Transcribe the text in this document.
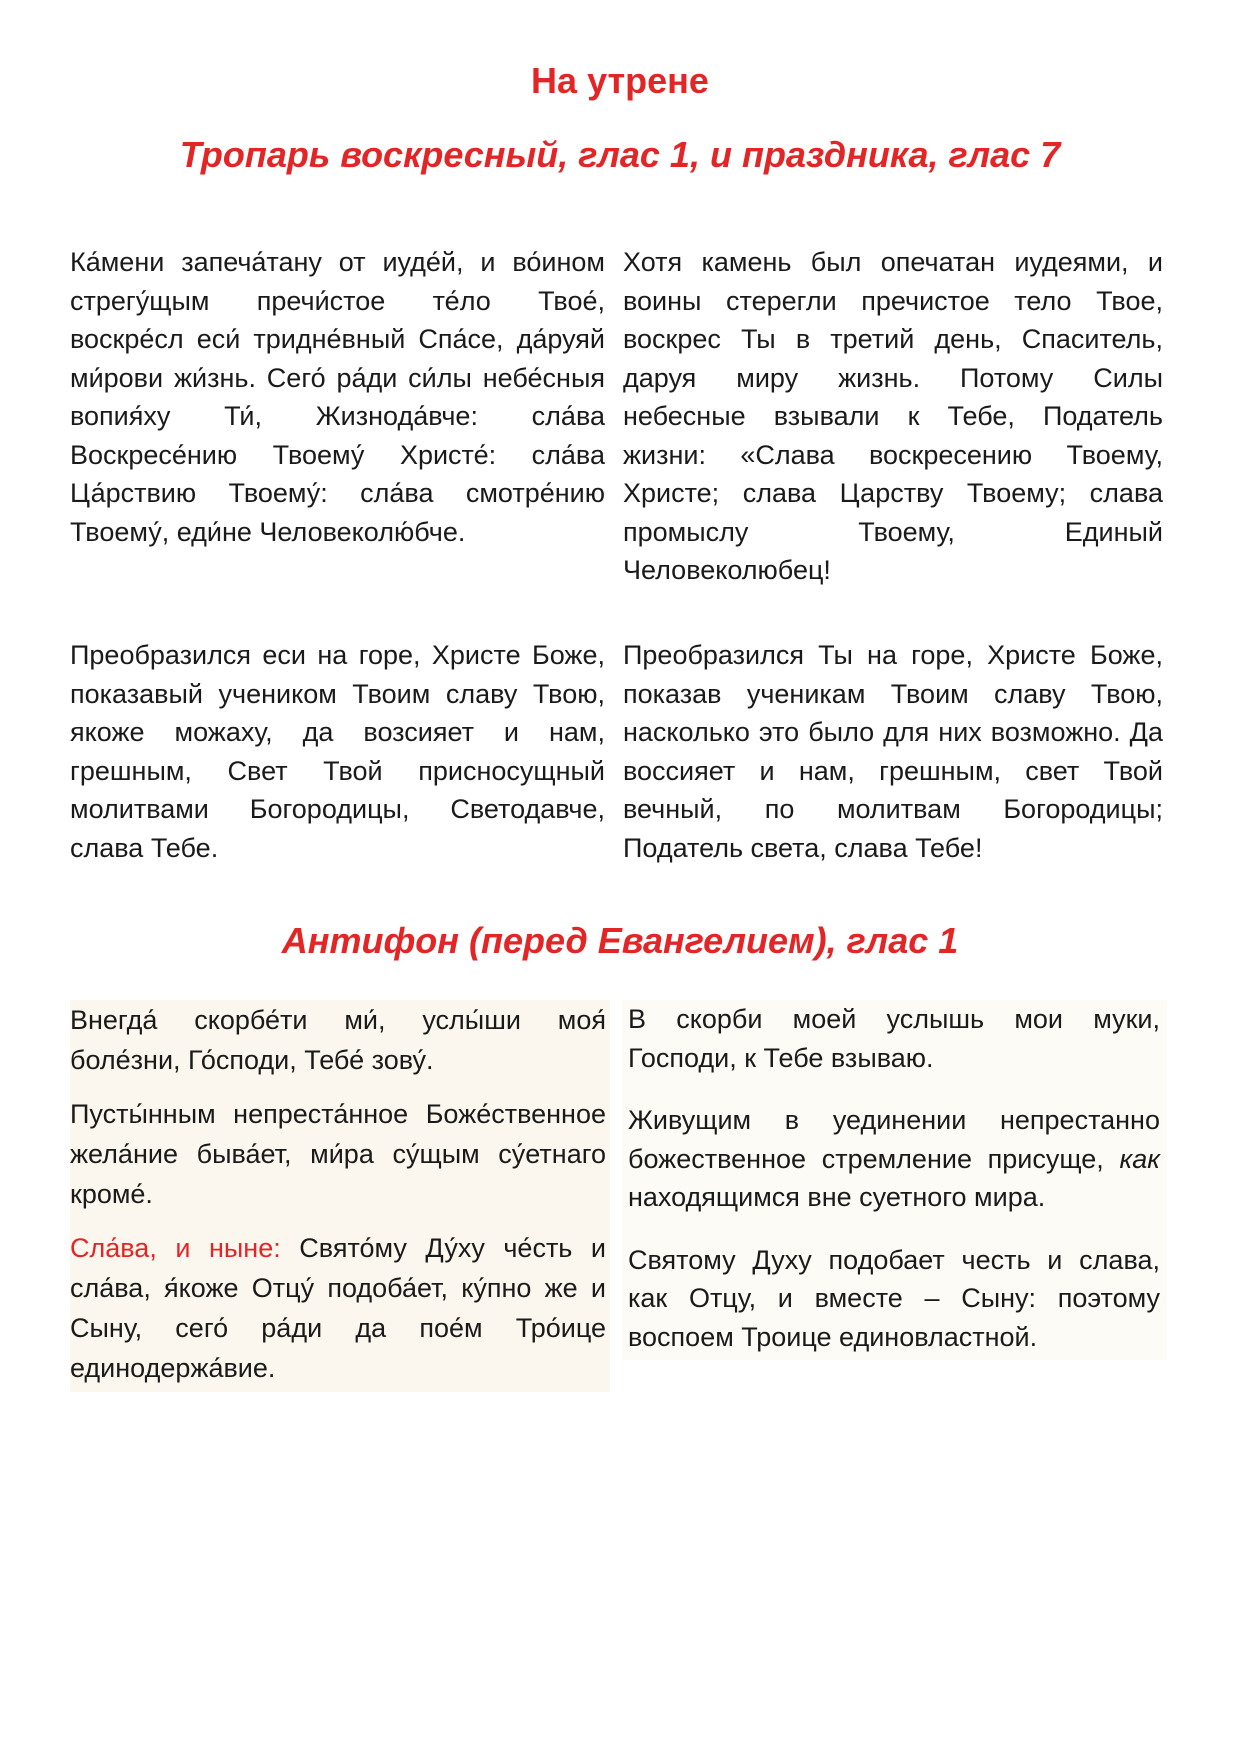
На утрене
Тропарь воскресный, глас 1, и праздника, глас 7

Ка́мени запеча́тану от иуде́й, и во́ином стрегу́щым пречи́стое те́ло Твое́, воскре́сл еси́ тридне́вный Спа́се, да́руяй ми́рови жи́знь. Сего́ ра́ди си́лы небе́сныя вопия́ху Ти́, Жизнода́вче: сла́ва Воскресе́нию Твоему́ Христе́: сла́ва Ца́рствию Твоему́: сла́ва смотре́нию Твоему́, еди́не Человеколю́бче.

Хотя камень был опечатан иудеями, и воины стерегли пречистое тело Твое, воскрес Ты в третий день, Спаситель, даруя миру жизнь. Потому Силы небесные взывали к Тебе, Податель жизни: «Слава воскресению Твоему, Христе; слава Царству Твоему; слава промыслу Твоему, Единый Человеколюбец!

Преобразился еси на горе, Христе Боже, показавый учеником Твоим славу Твою, якоже можаху, да возсияет и нам, грешным, Свет Твой присносущный молитвами Богородицы, Светодавче, слава Тебе.

Преобразился Ты на горе, Христе Боже, показав ученикам Твоим славу Твою, насколько это было для них возможно. Да воссияет и нам, грешным, свет Твой вечный, по молитвам Богородицы; Податель света, слава Тебе!

Антифон (перед Евангелием), глас 1

Внегда́ скорбе́ти ми́, услы́ши моя́ боле́зни, Го́споди, Тебе́ зову́.

Пусты́нным непреста́нное Боже́ственное жела́ние быва́ет, ми́ра су́щым су́етнаго кроме́.

Сла́ва, и ныне: Свято́му Ду́ху че́сть и сла́ва, я́коже Отцу́ подоба́ет, ку́пно же и Сыну, сего́ ра́ди да пое́м Тро́ице единодержа́вие.

В скорби моей услышь мои муки, Господи, к Тебе взываю.

Живущим в уединении непрестанно божественное стремление присуще, как находящимся вне суетного мира.

Святому Духу подобает честь и слава, как Отцу, и вместе – Сыну: поэтому воспоем Троице единовластной.
